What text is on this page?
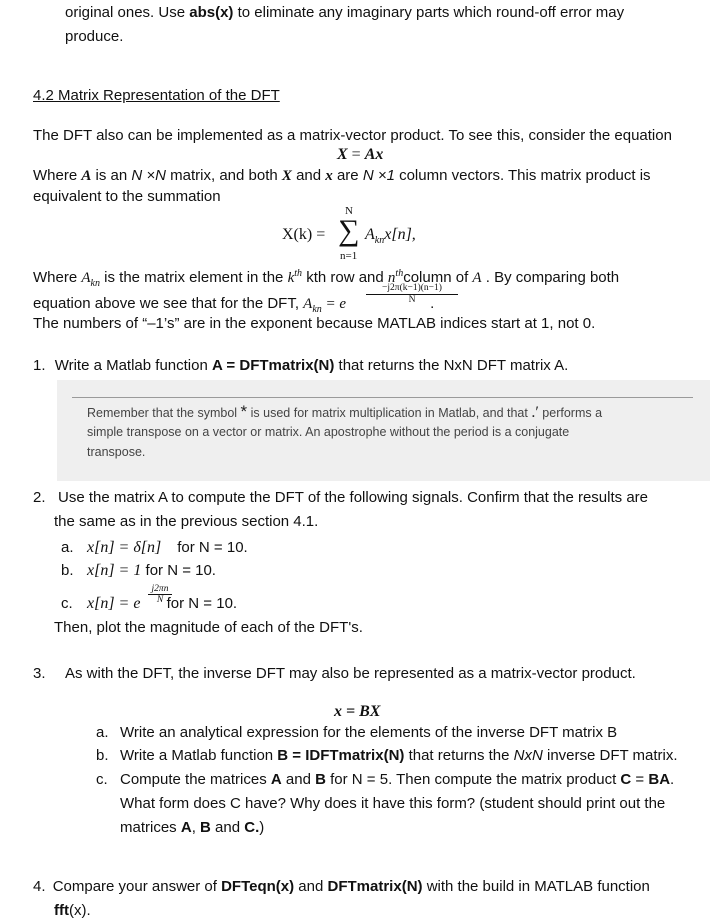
original ones. Use abs(x) to eliminate any imaginary parts which round-off error may
produce.
4.2 Matrix Representation of the DFT
The DFT also can be implemented as a matrix-vector product. To see this, consider the equation
X = Ax
Where A is an N ×N matrix, and both X and x are N ×1 column vectors. This matrix product is
equivalent to the summation
N
X(k) = ∑ $A_{kn}x[n]$,
n=1
Where $A_{kn}$ is the matrix element in the $k^{th}$ kth row and $n^{th}column$ of A . By comparing both
$\frac{-j2\pi(k-1)(n-1)}{N}$
equation above we see that for the DFT, $A_{kn} = e$	.
The numbers of “–1’s” are in the exponent because MATLAB indices start at 1, not 0.
1. Write a Matlab function A = DFTmatrix(N) that returns the NxN DFT matrix A.
Remember that the symbol * is used for matrix multiplication in Matlab, and that .′ performs a
simple transpose on a vector or matrix. An apostrophe without the period is a conjugate
transpose.
2. Use the matrix A to compute the DFT of the following signals. Confirm that the results are
the same as in the previous section 4.1.
a. x[n] = δ[n] for N = 10.
b. x[n] = 1 for N = 10.
$\frac{j2\pi n}{N}$
c. x[n] = e for N = 10.
Then, plot the magnitude of each of the DFT's.
3. As with the DFT, the inverse DFT may also be represented as a matrix-vector product.
x = BX
a. Write an analytical expression for the elements of the inverse DFT matrix B
b. Write a Matlab function B = IDFTmatrix(N) that returns the NxN inverse DFT matrix.
c. Compute the matrices A and B for N = 5. Then compute the matrix product C = BA.
What form does C have? Why does it have this form? (student should print out the
matrices A, B and C.)
4. Compare your answer of DFTeqn(x) and DFTmatrix(N) with the build in MATLAB function
fft(x).
